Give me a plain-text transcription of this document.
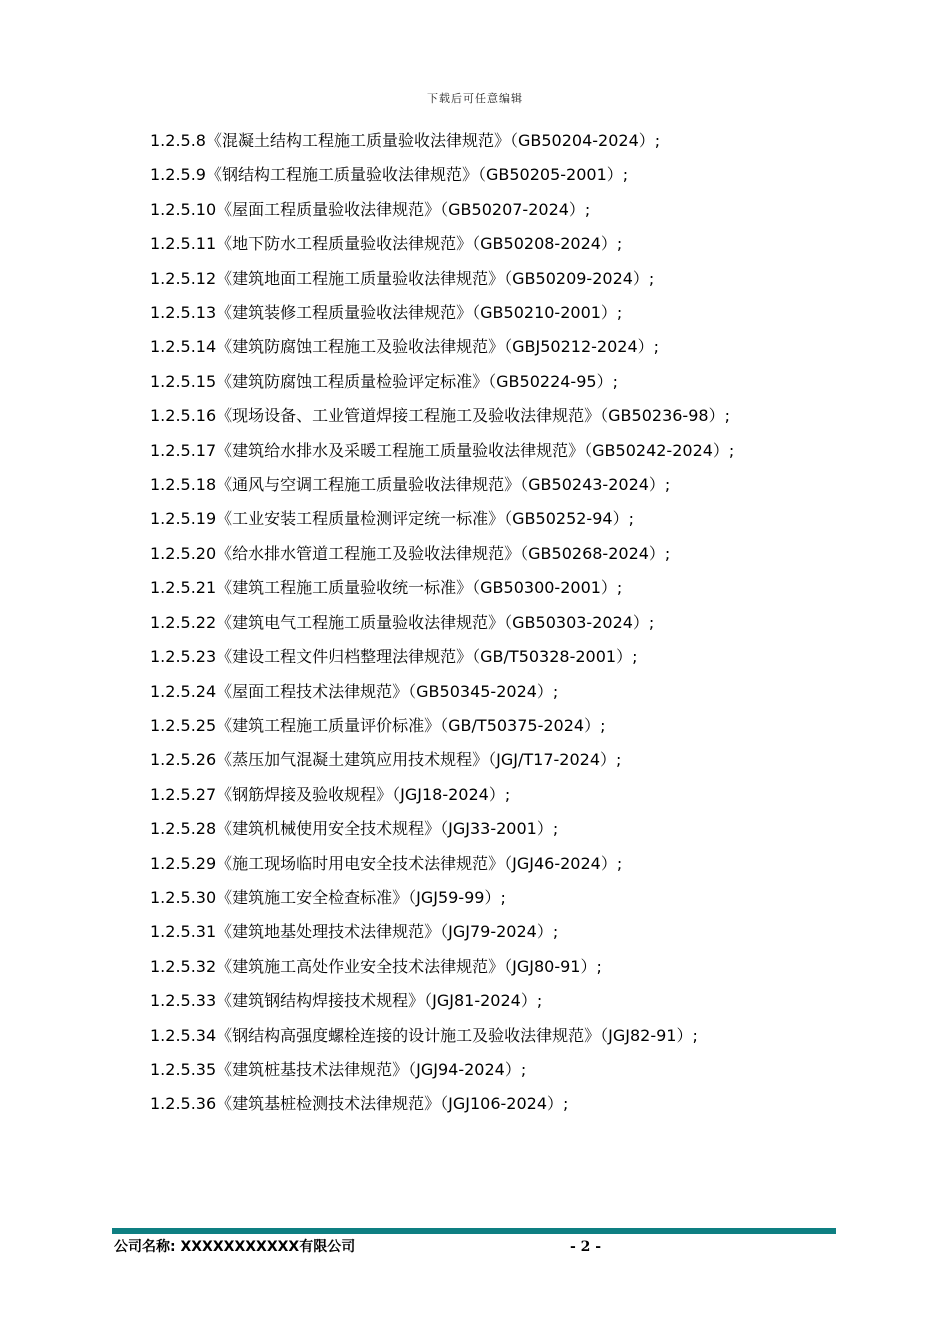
下载后可任意编辑
1.2.5.8《混凝土结构工程施工质量验收法律规范》（GB50204-2024）;
1.2.5.9《钢结构工程施工质量验收法律规范》（GB50205-2001）;
1.2.5.10《屋面工程质量验收法律规范》（GB50207-2024）;
1.2.5.11《地下防水工程质量验收法律规范》（GB50208-2024）;
1.2.5.12《建筑地面工程施工质量验收法律规范》（GB50209-2024）;
1.2.5.13《建筑装修工程质量验收法律规范》（GB50210-2001）;
1.2.5.14《建筑防腐蚀工程施工及验收法律规范》（GBJ50212-2024）;
1.2.5.15《建筑防腐蚀工程质量检验评定标准》（GB50224-95）;
1.2.5.16《现场设备、工业管道焊接工程施工及验收法律规范》（GB50236-98）;
1.2.5.17《建筑给水排水及采暖工程施工质量验收法律规范》（GB50242-2024）;
1.2.5.18《通风与空调工程施工质量验收法律规范》（GB50243-2024）;
1.2.5.19《工业安装工程质量检测评定统一标准》（GB50252-94）;
1.2.5.20《给水排水管道工程施工及验收法律规范》（GB50268-2024）;
1.2.5.21《建筑工程施工质量验收统一标准》（GB50300-2001）;
1.2.5.22《建筑电气工程施工质量验收法律规范》（GB50303-2024）;
1.2.5.23《建设工程文件归档整理法律规范》（GB/T50328-2001）;
1.2.5.24《屋面工程技术法律规范》（GB50345-2024）;
1.2.5.25《建筑工程施工质量评价标准》（GB/T50375-2024）;
1.2.5.26《蒸压加气混凝土建筑应用技术规程》（JGJ/T17-2024）;
1.2.5.27《钢筋焊接及验收规程》（JGJ18-2024）;
1.2.5.28《建筑机械使用安全技术规程》（JGJ33-2001）;
1.2.5.29《施工现场临时用电安全技术法律规范》（JGJ46-2024）;
1.2.5.30《建筑施工安全检查标准》（JGJ59-99）;
1.2.5.31《建筑地基处理技术法律规范》（JGJ79-2024）;
1.2.5.32《建筑施工高处作业安全技术法律规范》（JGJ80-91）;
1.2.5.33《建筑钢结构焊接技术规程》（JGJ81-2024）;
1.2.5.34《钢结构高强度螺栓连接的设计施工及验收法律规范》（JGJ82-91）;
1.2.5.35《建筑桩基技术法律规范》（JGJ94-2024）;
1.2.5.36《建筑基桩检测技术法律规范》（JGJ106-2024）;
公司名称: XXXXXXXXXXX有限公司	- 2 -
